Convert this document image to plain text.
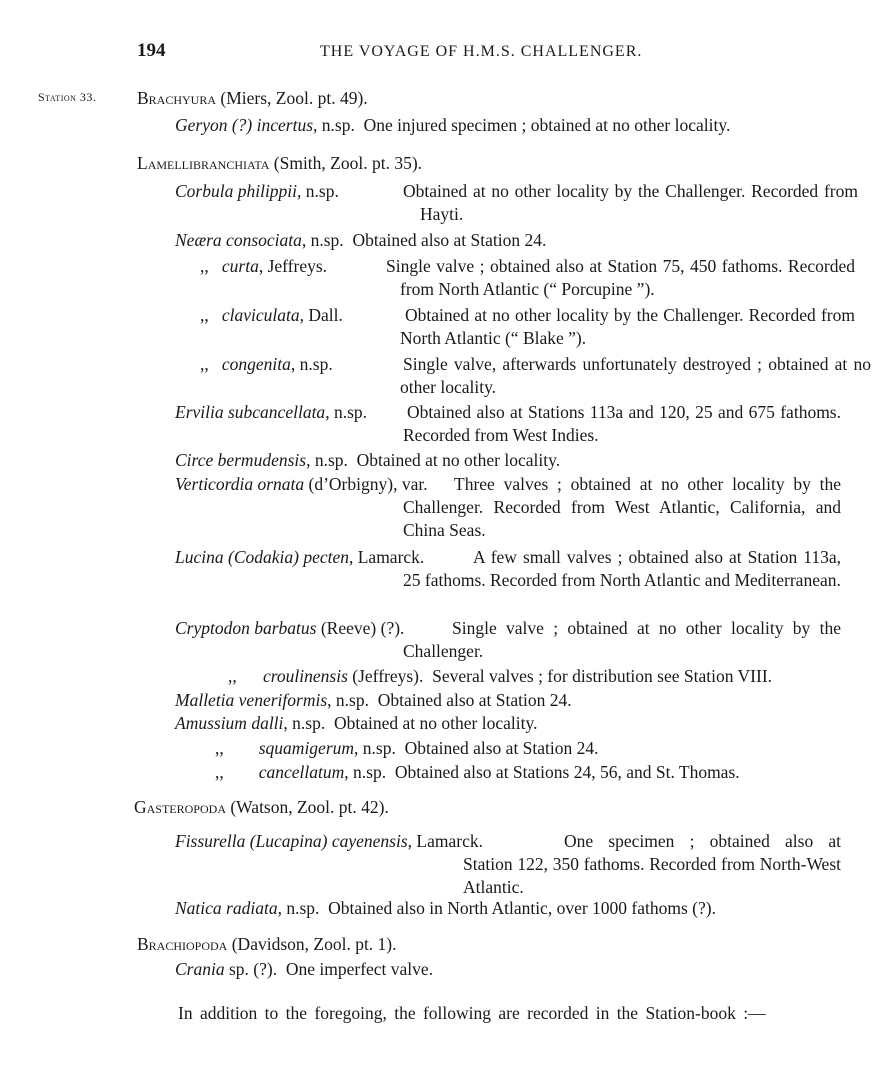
194	THE VOYAGE OF H.M.S. CHALLENGER.
Station 33. Brachyura (Miers, Zool. pt. 49).
Geryon (?) incertus, n.sp. One injured specimen ; obtained at no other locality.
Lamellibranchiata (Smith, Zool. pt. 35).
Corbula philippii, n.sp.	Obtained at no other locality by the Challenger. Recorded from Hayti.
Neæra consociata, n.sp. Obtained also at Station 24.
,, curta, Jeffreys.	Single valve ; obtained also at Station 75, 450 fathoms. Recorded from North Atlantic (“ Porcupine ”).
,, claviculata, Dall.	Obtained at no other locality by the Challenger. Recorded from North Atlantic (“ Blake ”).
,, congenita, n.sp.	Single valve, afterwards unfortunately destroyed ; obtained at no other locality.
Ervilia subcancellata, n.sp. Obtained also at Stations 113a and 120, 25 and 675 fathoms. Recorded from West Indies.
Circe bermudensis, n.sp. Obtained at no other locality.
Verticordia ornata (d’Orbigny), var.	Three valves ; obtained at no other locality by the Challenger. Recorded from West Atlantic, California, and China Seas.
Lucina (Codakia) pecten, Lamarck.	A few small valves ; obtained also at Station 113a, 25 fathoms. Recorded from North Atlantic and Mediterranean.
Cryptodon barbatus (Reeve) (?).	Single valve ; obtained at no other locality by the Challenger.
,, croulinensis (Jeffreys). Several valves ; for distribution see Station VIII.
Malletia veneriformis, n.sp. Obtained also at Station 24.
Amussium dalli, n.sp. Obtained at no other locality.
,, squamigerum, n.sp. Obtained also at Station 24.
,, cancellatum, n.sp. Obtained also at Stations 24, 56, and St. Thomas.
Gasteropoda (Watson, Zool. pt. 42).
Fissurella (Lucapina) cayenensis, Lamarck.	One specimen ; obtained also at Station 122, 350 fathoms. Recorded from North-West Atlantic.
Natica radiata, n.sp. Obtained also in North Atlantic, over 1000 fathoms (?).
Brachiopoda (Davidson, Zool. pt. 1).
Crania sp. (?). One imperfect valve.
In addition to the foregoing, the following are recorded in the Station-book :—
